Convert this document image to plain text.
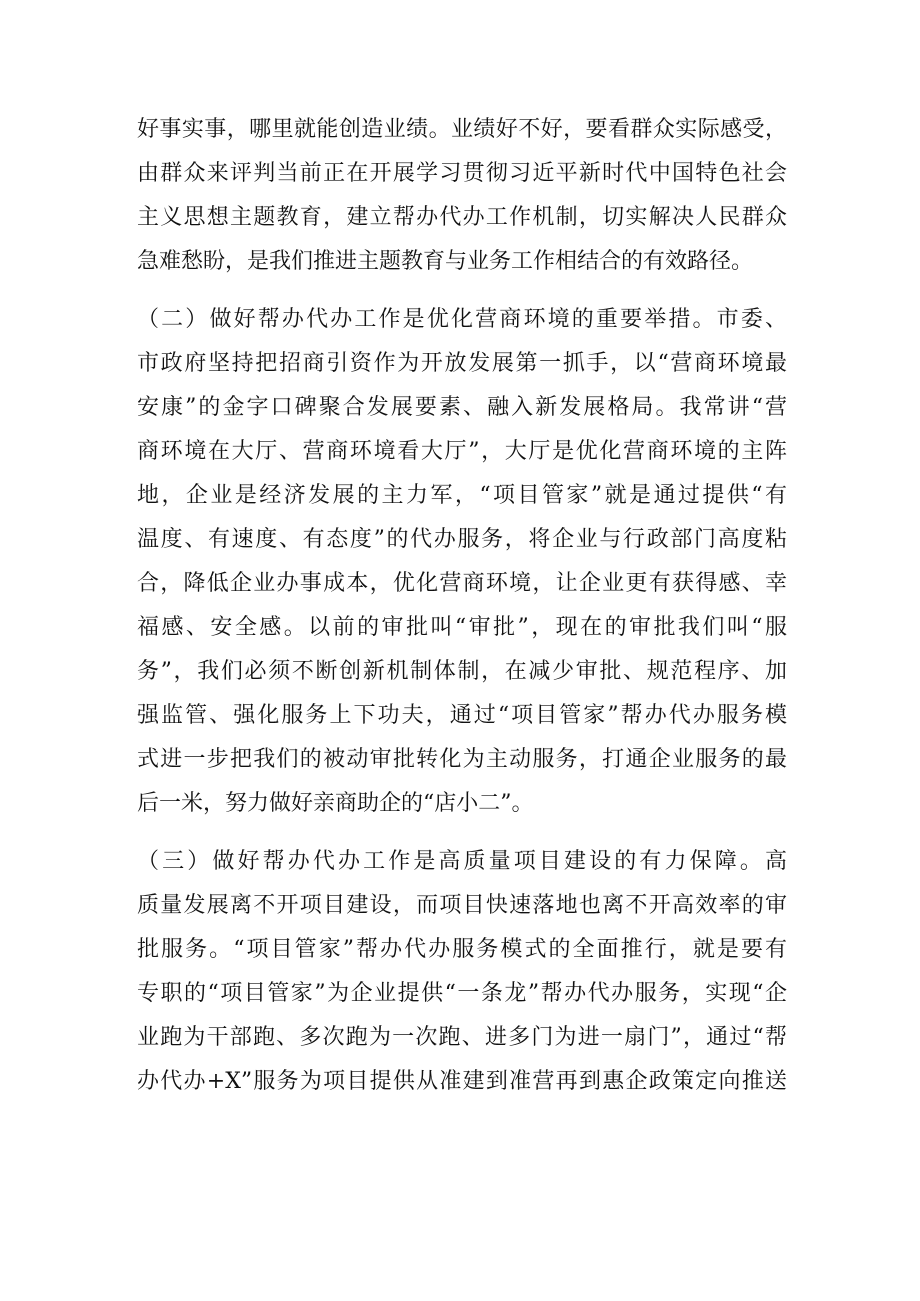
好事实事，哪里就能创造业绩。业绩好不好，要看群众实际感受，
由群众来评判当前正在开展学习贯彻习近平新时代中国特色社会
主义思想主题教育，建立帮办代办工作机制，切实解决人民群众
急难愁盼，是我们推进主题教育与业务工作相结合的有效路径。
（二）做好帮办代办工作是优化营商环境的重要举措。市委、
市政府坚持把招商引资作为开放发展第一抓手，以“营商环境最
安康”的金字口碑聚合发展要素、融入新发展格局。我常讲“营
商环境在大厅、营商环境看大厅”，大厅是优化营商环境的主阵
地，企业是经济发展的主力军，“项目管家”就是通过提供“有
温度、有速度、有态度”的代办服务，将企业与行政部门高度粘
合，降低企业办事成本，优化营商环境，让企业更有获得感、幸
福感、安全感。以前的审批叫“审批”，现在的审批我们叫“服
务”，我们必须不断创新机制体制，在减少审批、规范程序、加
强监管、强化服务上下功夫，通过“项目管家”帮办代办服务模
式进一步把我们的被动审批转化为主动服务，打通企业服务的最
后一米，努力做好亲商助企的“店小二”。
（三）做好帮办代办工作是高质量项目建设的有力保障。高
质量发展离不开项目建设，而项目快速落地也离不开高效率的审
批服务。“项目管家”帮办代办服务模式的全面推行，就是要有
专职的“项目管家”为企业提供“一条龙”帮办代办服务，实现“企
业跑为干部跑、多次跑为一次跑、进多门为进一扇门”，通过“帮
办代办+X”服务为项目提供从准建到准营再到惠企政策定向推送
